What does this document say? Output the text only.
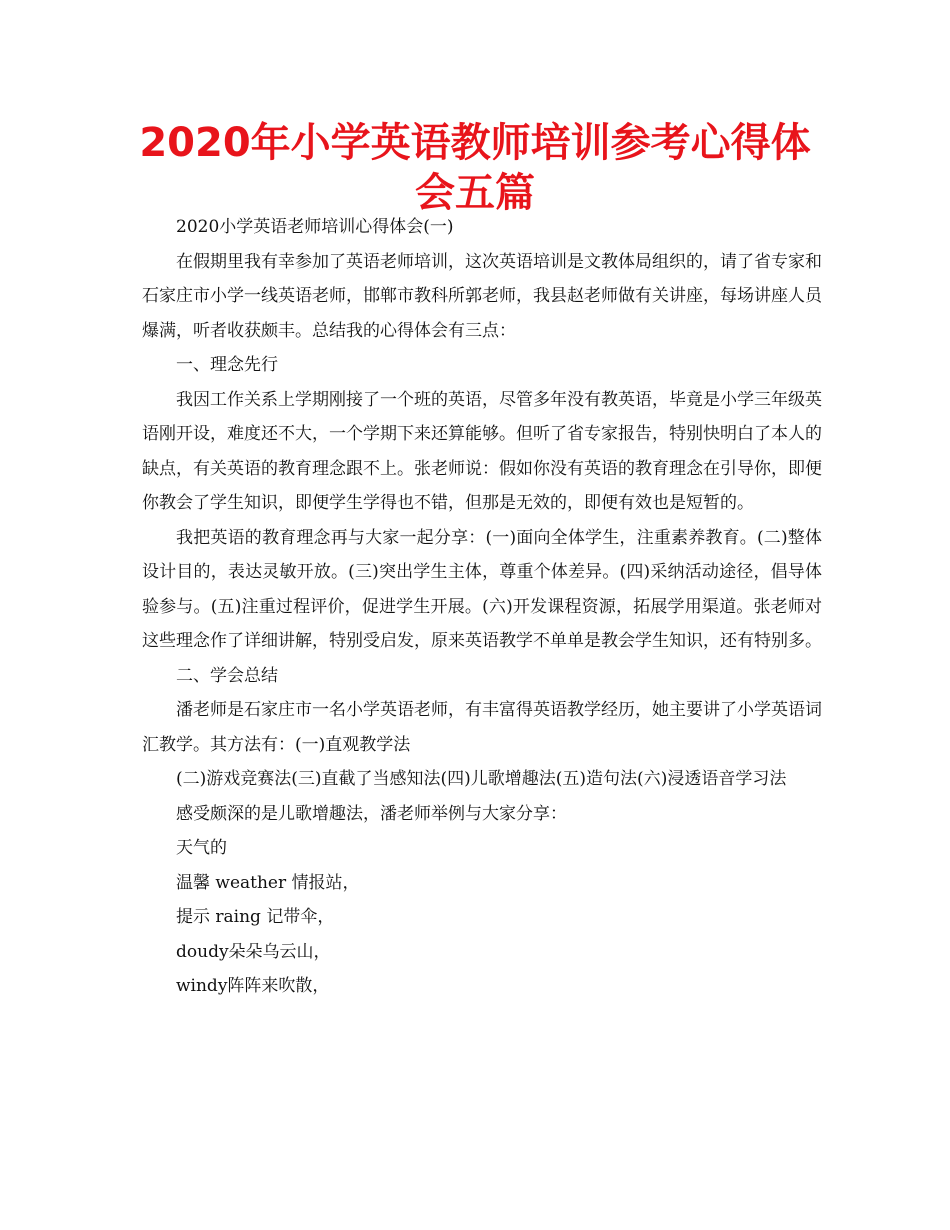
2020年小学英语教师培训参考心得体会五篇

2020小学英语老师培训心得体会(一)

在假期里我有幸参加了英语老师培训，这次英语培训是文教体局组织的，请了省专家和石家庄市小学一线英语老师，邯郸市教科所郭老师，我县赵老师做有关讲座，每场讲座人员爆满，听者收获颇丰。总结我的心得体会有三点：

一、理念先行

我因工作关系上学期刚接了一个班的英语，尽管多年没有教英语，毕竟是小学三年级英语刚开设，难度还不大，一个学期下来还算能够。但听了省专家报告，特别快明白了本人的缺点，有关英语的教育理念跟不上。张老师说：假如你没有英语的教育理念在引导你，即便你教会了学生知识，即便学生学得也不错，但那是无效的，即便有效也是短暂的。

我把英语的教育理念再与大家一起分享：(一)面向全体学生，注重素养教育。(二)整体设计目的，表达灵敏开放。(三)突出学生主体，尊重个体差异。(四)采纳活动途径，倡导体验参与。(五)注重过程评价，促进学生开展。(六)开发课程资源，拓展学用渠道。张老师对这些理念作了详细讲解，特别受启发，原来英语教学不单单是教会学生知识，还有特别多。

二、学会总结

潘老师是石家庄市一名小学英语老师，有丰富得英语教学经历，她主要讲了小学英语词汇教学。其方法有：(一)直观教学法

(二)游戏竞赛法(三)直截了当感知法(四)儿歌增趣法(五)造句法(六)浸透语音学习法

感受颇深的是儿歌增趣法，潘老师举例与大家分享：

天气的

温馨 weather 情报站，

提示 raing 记带伞，

doudy朵朵乌云山，

windy阵阵来吹散，
